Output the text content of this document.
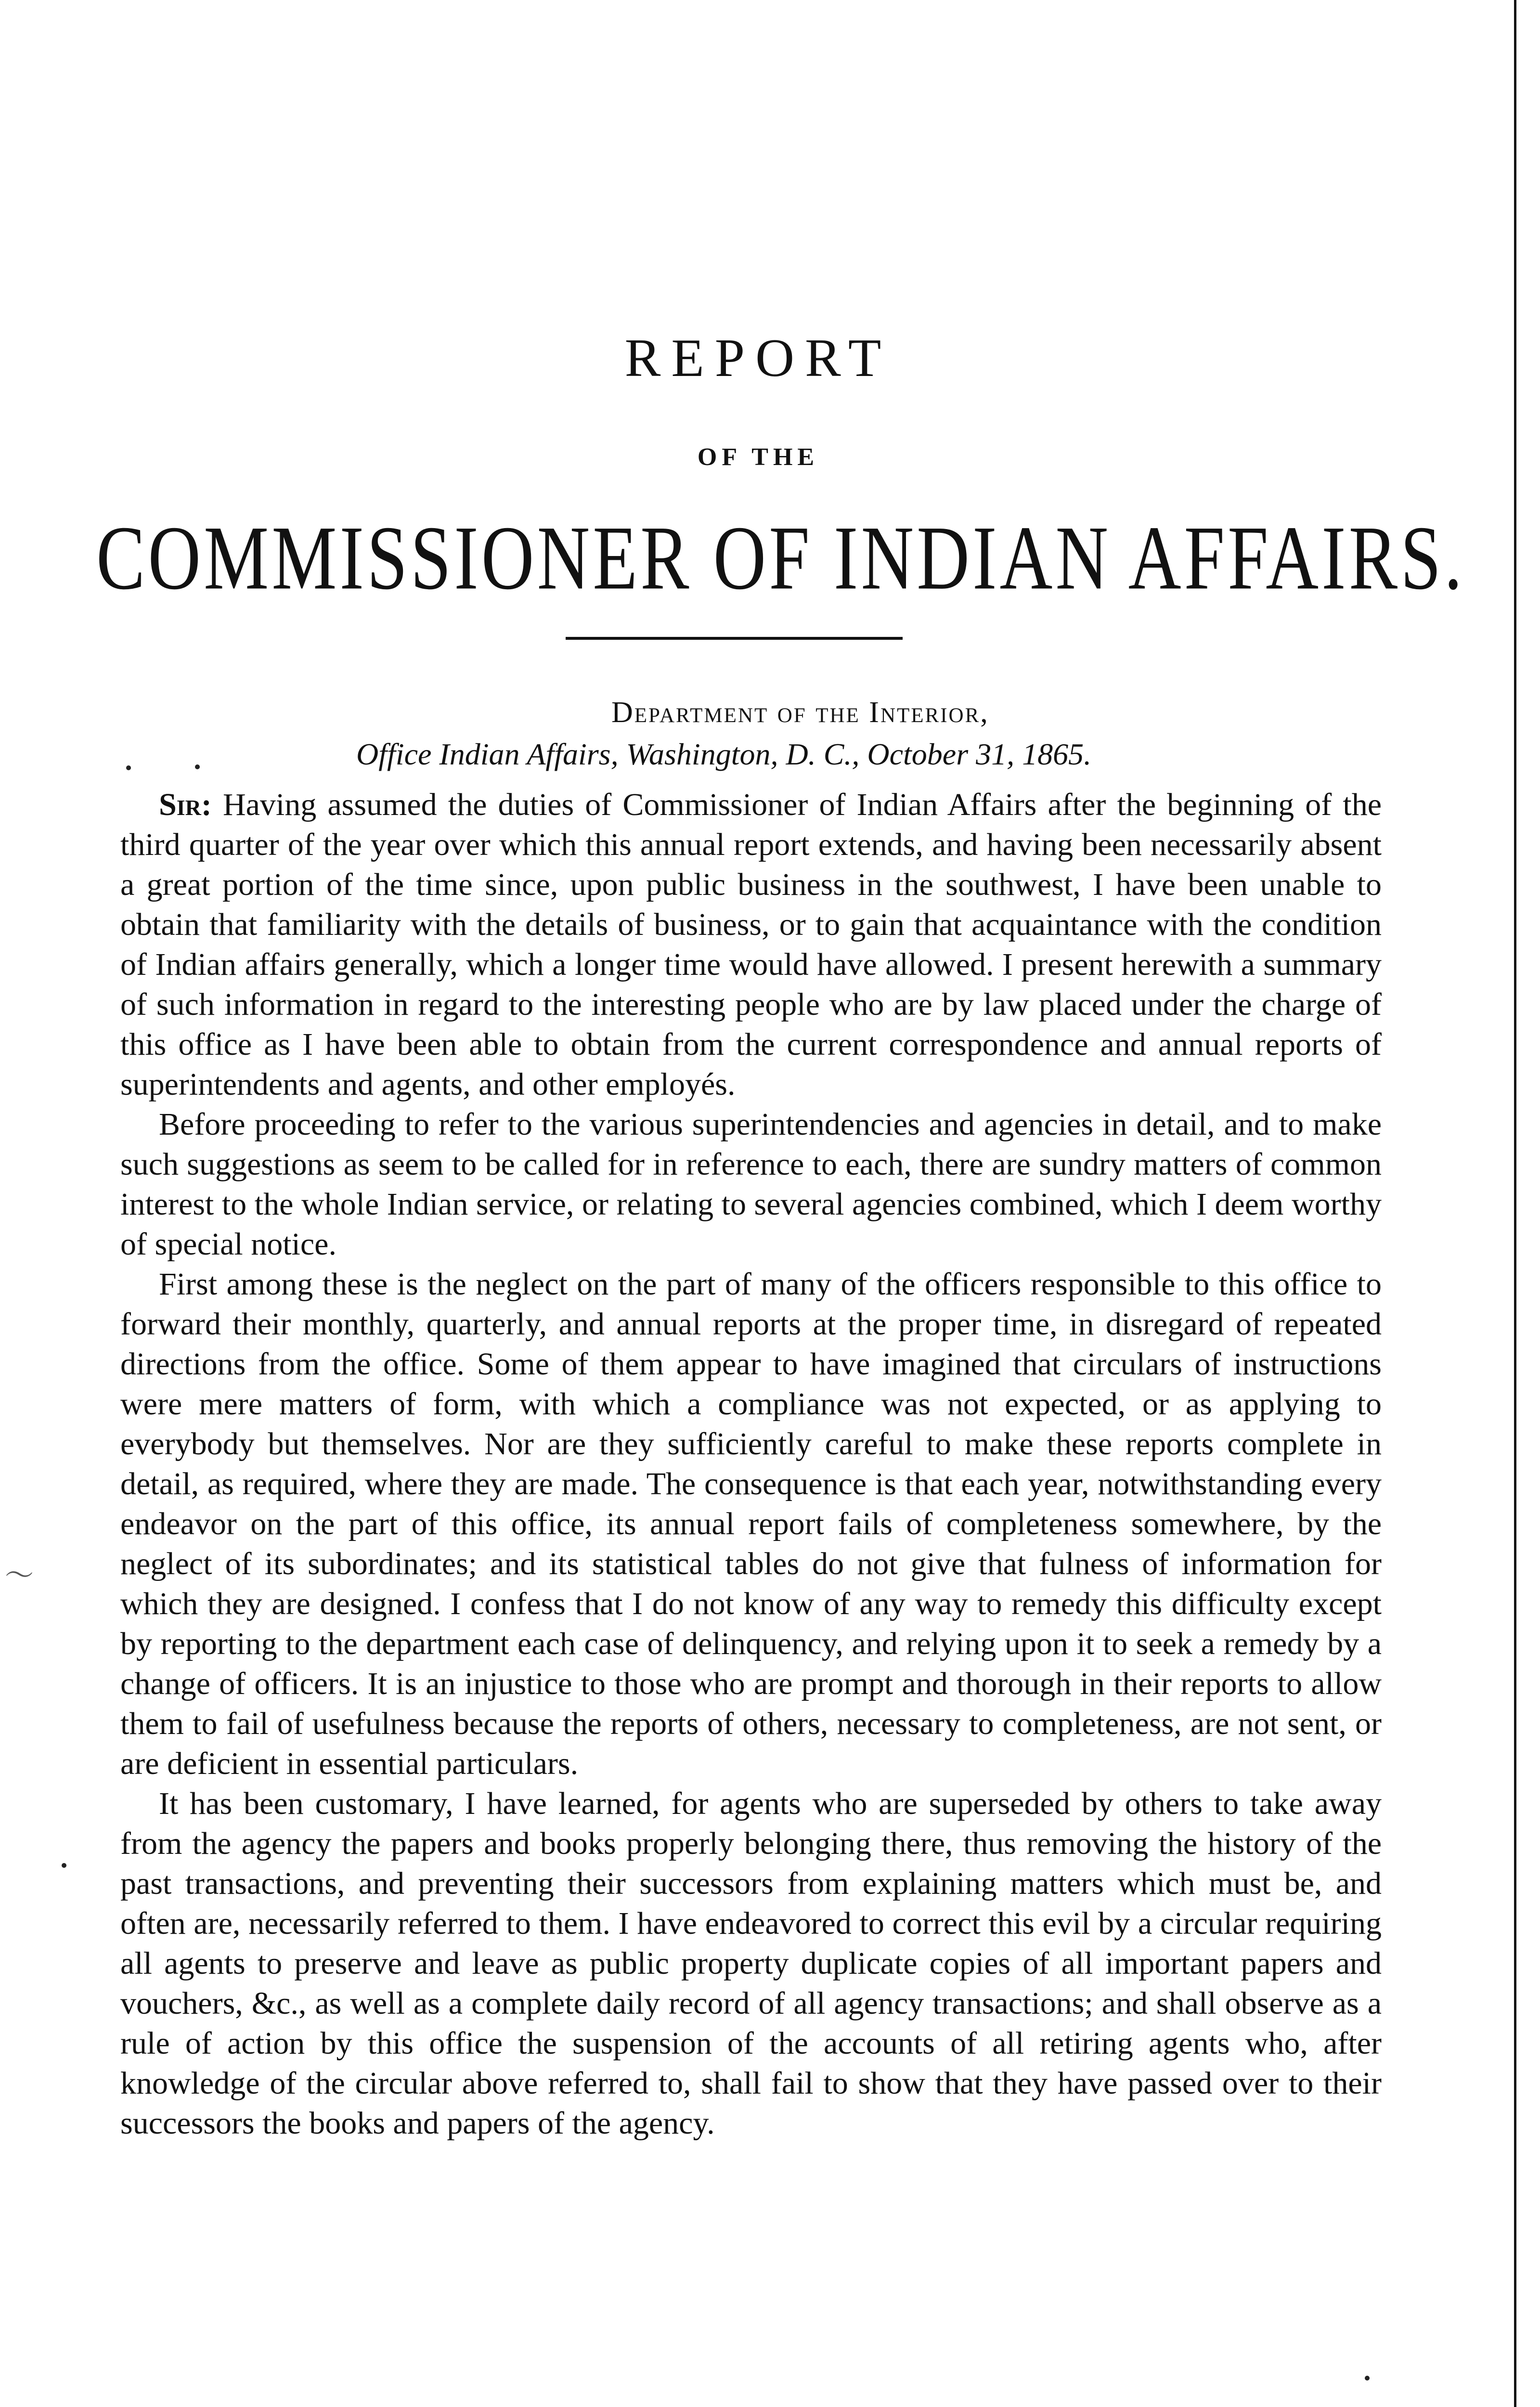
REPORT
OF THE
COMMISSIONER OF INDIAN AFFAIRS.
Department of the Interior,
Office Indian Affairs, Washington, D. C., October 31, 1865.
〜

Sir: Having assumed the duties of Commissioner of Indian Affairs after the beginning of the third quarter of the year over which this annual report extends, and having been necessarily absent a great portion of the time since, upon public business in the southwest, I have been unable to obtain that familiarity with the details of business, or to gain that acquaintance with the condition of Indian affairs generally, which a longer time would have allowed. I present herewith a summary of such information in regard to the interesting people who are by law placed under the charge of this office as I have been able to obtain from the current correspondence and annual reports of superintendents and agents, and other employés.

Before proceeding to refer to the various superintendencies and agencies in detail, and to make such suggestions as seem to be called for in reference to each, there are sundry matters of common interest to the whole Indian service, or relating to several agencies combined, which I deem worthy of special notice.

First among these is the neglect on the part of many of the officers responsible to this office to forward their monthly, quarterly, and annual reports at the proper time, in disregard of repeated directions from the office. Some of them appear to have imagined that circulars of instructions were mere matters of form, with which a compliance was not expected, or as applying to everybody but themselves. Nor are they sufficiently careful to make these reports complete in detail, as required, where they are made. The consequence is that each year, notwithstanding every endeavor on the part of this office, its annual report fails of completeness somewhere, by the neglect of its subordinates; and its statistical tables do not give that fulness of information for which they are designed. I confess that I do not know of any way to remedy this difficulty except by reporting to the department each case of delinquency, and relying upon it to seek a remedy by a change of officers. It is an injustice to those who are prompt and thorough in their reports to allow them to fail of usefulness because the reports of others, necessary to completeness, are not sent, or are deficient in essential particulars.

It has been customary, I have learned, for agents who are superseded by others to take away from the agency the papers and books properly belonging there, thus removing the history of the past transactions, and preventing their successors from explaining matters which must be, and often are, necessarily referred to them. I have endeavored to correct this evil by a circular requiring all agents to preserve and leave as public property duplicate copies of all important papers and vouchers, &c., as well as a complete daily record of all agency transactions; and shall observe as a rule of action by this office the suspension of the accounts of all retiring agents who, after knowledge of the circular above referred to, shall fail to show that they have passed over to their successors the books and papers of the agency.
